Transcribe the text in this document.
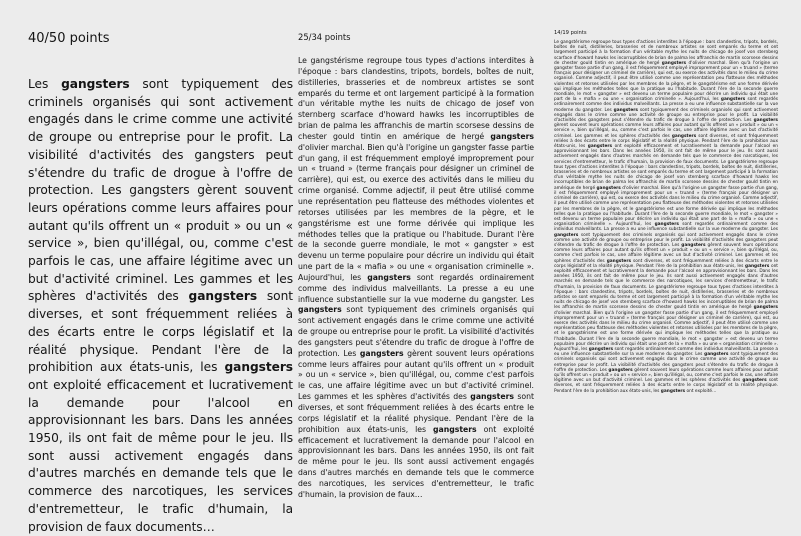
40/50 points

Les gangsters sont typiquement des criminels organisés qui sont activement engagés dans le crime comme une activité de groupe ou entreprise pour le profit. La visibilité d'activités des gangsters peut s'étendre du trafic de drogue à l'offre de protection. Les gangsters gèrent souvent leurs opérations comme leurs affaires pour autant qu'ils offrent un « produit » ou un « service », bien qu'illégal, ou, comme c'est parfois le cas, une affaire légitime avec un but d'activité criminel. Les gammes et les sphères d'activités des gangsters sont diverses, et sont fréquemment reliées à des écarts entre le corps législatif et la réalité physique. Pendant l'ère de la prohibition aux états-unis, les gangsters ont exploité efficacement et lucrativement la demande pour l'alcool en approvisionnant les bars. Dans les années 1950, ils ont fait de même pour le jeu. Ils sont aussi activement engagés dans d'autres marchés en demande tels que le commerce des narcotiques, les services d'entremetteur, le trafic d'humain, la provision de faux documents…

25/34 points

Le gangstérisme regroupe tous types d'actions interdites à l'époque : bars clandestins, tripots, bordels, boîtes de nuit, distilleries, brasseries et de nombreux artistes se sont emparés du terme et ont largement participé à la formation d'un véritable mythe les nuits de chicago de josef von sternberg scarface d'howard hawks les incorruptibles de brian de palma les affranchis de martin scorsese dessins de chester gould tintin en amérique de hergé gangsters d'olivier marchal. Bien qu'à l'origine un gangster fasse partie d'un gang, il est fréquemment employé improprement pour un « truand » (terme français pour désigner un criminel de carrière), qui est, ou exerce des activités dans le milieu du crime organisé. Comme adjectif, il peut être utilisé comme une représentation peu flatteuse des méthodes violentes et retorses utilisées par les membres de la pègre, et le gangstérisme est une forme dérivée qui implique les méthodes telles que la pratique ou l'habitude. Durant l'ère de la seconde guerre mondiale, le mot « gangster » est devenu un terme populaire pour décrire un individu qui était une part de la « mafia » ou une « organisation criminelle ». Aujourd'hui, les gangsters sont regardés ordinairement comme des individus malveillants. La presse a eu une influence substantielle sur la vue moderne du gangster. Les gangsters sont typiquement des criminels organisés qui sont activement engagés dans le crime comme une activité de groupe ou entreprise pour le profit. La visibilité d'activités des gangsters peut s'étendre du trafic de drogue à l'offre de protection. Les gangsters gèrent souvent leurs opérations comme leurs affaires pour autant qu'ils offrent un « produit » ou un « service », bien qu'illégal, ou, comme c'est parfois le cas, une affaire légitime avec un but d'activité criminel. Les gammes et les sphères d'activités des gangsters sont diverses, et sont fréquemment reliées à des écarts entre le corps législatif et la réalité physique. Pendant l'ère de la prohibition aux états-unis, les gangsters ont exploité efficacement et lucrativement la demande pour l'alcool en approvisionnant les bars. Dans les années 1950, ils ont fait de même pour le jeu. Ils sont aussi activement engagés dans d'autres marchés en demande tels que le commerce des narcotiques, les services d'entremetteur, le trafic d'humain, la provision de faux…

14/19 points

Le gangstérisme regroupe tous types d'actions interdites à l'époque : bars clandestins, tripots, bordels, boîtes de nuit, distilleries, brasseries et de nombreux artistes se sont emparés du terme et ont largement participé à la formation d'un véritable mythe les nuits de chicago de josef von sternberg scarface d'howard hawks les incorruptibles de brian de palma les affranchis de martin scorsese dessins de chester gould tintin en amérique de hergé gangsters d'olivier marchal. Bien qu'à l'origine un gangster fasse partie d'un gang, il est fréquemment employé improprement pour un « truand » (terme français pour désigner un criminel de carrière), qui est, ou exerce des activités dans le milieu du crime organisé. Comme adjectif, il peut être utilisé comme une représentation peu flatteuse des méthodes violentes et retorses utilisées par les membres de la pègre, et le gangstérisme est une forme dérivée qui implique les méthodes telles que la pratique ou l'habitude. Durant l'ère de la seconde guerre mondiale, le mot « gangster » est devenu un terme populaire pour décrire un individu qui était une part de la « mafia » ou une « organisation criminelle ». Aujourd'hui, les gangsters sont regardés ordinairement comme des individus malveillants. La presse a eu une influence substantielle sur la vue moderne du gangster. Les gangsters sont typiquement des criminels organisés qui sont activement engagés dans le crime comme une activité de groupe ou entreprise pour le profit. La visibilité d'activités des gangsters peut s'étendre du trafic de drogue à l'offre de protection. Les gangsters gèrent souvent leurs opérations comme leurs affaires pour autant qu'ils offrent un « produit » ou un « service », bien qu'illégal, ou, comme c'est parfois le cas, une affaire légitime avec un but d'activité criminel. Les gammes et les sphères d'activités des gangsters sont diverses, et sont fréquemment reliées à des écarts entre le corps législatif et la réalité physique. Pendant l'ère de la prohibition aux états-unis, les gangsters ont exploité efficacement et lucrativement la demande pour l'alcool en approvisionnant les bars. Dans les années 1950, ils ont fait de même pour le jeu. Ils sont aussi activement engagés dans d'autres marchés en demande tels que le commerce des narcotiques, les services d'entremetteur, le trafic d'humain, la provision de faux documents. Le gangstérisme regroupe tous types d'actions interdites à l'époque : bars clandestins, tripots, bordels, boîtes de nuit, distilleries, brasseries et de nombreux artistes se sont emparés du terme et ont largement participé à la formation d'un véritable mythe les nuits de chicago de josef von sternberg scarface d'howard hawks les incorruptibles de brian de palma les affranchis de martin scorsese dessins de chester gould tintin en amérique de hergé gangsters d'olivier marchal. Bien qu'à l'origine un gangster fasse partie d'un gang, il est fréquemment employé improprement pour un « truand » (terme français pour désigner un criminel de carrière), qui est, ou exerce des activités dans le milieu du crime organisé. Comme adjectif, il peut être utilisé comme une représentation peu flatteuse des méthodes violentes et retorses utilisées par les membres de la pègre, et le gangstérisme est une forme dérivée qui implique les méthodes telles que la pratique ou l'habitude. Durant l'ère de la seconde guerre mondiale, le mot « gangster » est devenu un terme populaire pour décrire un individu qui était une part de la « mafia » ou une « organisation criminelle ». Aujourd'hui, les gangsters sont regardés ordinairement comme des individus malveillants. La presse a eu une influence substantielle sur la vue moderne du gangster. Les gangsters sont typiquement des criminels organisés qui sont activement engagés dans le crime comme une activité de groupe ou entreprise pour le profit. La visibilité d'activités des gangsters peut s'étendre du trafic de drogue à l'offre de protection. Les gangsters gèrent souvent leurs opérations comme leurs affaires pour autant qu'ils offrent un « produit » ou un « service », bien qu'illégal, ou, comme c'est parfois le cas, une affaire légitime avec un but d'activité criminel. Les gammes et les sphères d'activités des gangsters sont diverses, et sont fréquemment reliées à des écarts entre le corps législatif et la réalité physique. Pendant l'ère de la prohibition aux états-unis, les gangsters ont exploité efficacement et lucrativement la demande pour l'alcool en approvisionnant les bars. Dans les années 1950, ils ont fait de même pour le jeu. Ils sont aussi activement engagés dans d'autres marchés en demande tels que le commerce des narcotiques, les services d'entremetteur, le trafic d'humain, la provision de faux documents. Le gangstérisme regroupe tous types d'actions interdites à l'époque : bars clandestins, tripots, bordels, boîtes de nuit, distilleries, brasseries et de nombreux artistes se sont emparés du terme et ont largement participé à la formation d'un véritable mythe les nuits de chicago de josef von sternberg scarface d'howard hawks les incorruptibles de brian de palma les affranchis de martin scorsese dessins de chester gould tintin en amérique de hergé gangsters d'olivier marchal. Bien qu'à l'origine un gangster fasse partie d'un gang, il est fréquemment employé improprement pour un « truand » (terme français pour désigner un criminel de carrière), qui est, ou exerce des activités dans le milieu du crime organisé. Comme adjectif, il peut être utilisé comme une représentation peu flatteuse des méthodes violentes et retorses utilisées par les membres de la pègre, et le gangstérisme est une forme dérivée qui implique les méthodes telles que la pratique ou l'habitude. Durant l'ère de la seconde guerre mondiale, le mot « gangster » est devenu un terme populaire pour décrire un individu qui était une part de la « mafia » ou une « organisation criminelle ». Aujourd'hui, les gangsters sont regardés ordinairement comme des individus malveillants. La presse a eu une influence substantielle sur la vue moderne du gangster. Les gangsters sont typiquement des criminels organisés qui sont activement engagés dans le crime comme une activité de groupe ou entreprise pour le profit. La visibilité d'activités des gangsters peut s'étendre du trafic de drogue à l'offre de protection. Les gangsters gèrent souvent leurs opérations comme leurs affaires pour autant qu'ils offrent un « produit » ou un « service », bien qu'illégal, ou, comme c'est parfois le cas, une affaire légitime avec un but d'activité criminel. Les gammes et les sphères d'activités des gangsters sont diverses, et sont fréquemment reliées à des écarts entre le corps législatif et la réalité physique. Pendant l'ère de la prohibition aux états-unis, les gangsters ont exploité…
